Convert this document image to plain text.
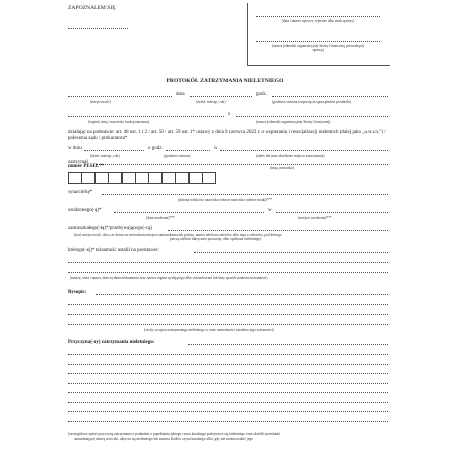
ZAPOZNAŁEM SIĘ
(data i numer wpisu w rejestrze albo znak sprawy)
(nazwa jednostki organizacyjnej Straży Granicznej prowadzącej sprawę)
PROTOKÓŁ ZATRZYMANIA NIELETNIEGO
dnia	godz.
(miejscowość)	(dzień, miesiąc, rok)	(godzina i minuta rozpoczęcia sporządzenia protokołu)
z
(stopień, imię i nazwisko funkcjonariusza)	(nazwa jednostki organizacyjnej Straży Granicznej)
działając na podstawie: art. 48 ust. 1 i 2 / art. 50 / art. 59 ust. 1* ustawy z dnia 9 czerwca 2022 r. o wspieraniu i resocjalizacji nieletnich (dalej jako „u.w.r.n.”) / polecenia sądu / prokuratora*
w dniu	o godz.	w
(dzień, miesiąc, rok)	(godzina i minuta)	(adres lub inne określenie miejsca zatrzymania)
zatrzymał
(imię, nazwisko)
numer PESEL**
syna/córkę*
(imiona rodziców, nazwisko rodowe nazwisko rodowe matki)***
urodzonego(-ą)*	w
(data urodzenia)***	(miejsce urodzenia)***
zamieszkałego(-łą)*/przebywającego(-cą)
(kod, miejscowość, ulica, nr domu, nr mieszkania miejsca zamieszkania lub pobytu, numer telefonu rodziców albo tego z rodziców, pod którego
pieczą nieletni faktycznie pozostaje, albo opiekuna nieletniego)
którego(-ej)* tożsamość ustalił na podstawie:
(nazwa, seria i numer, data wydania dokumentu oraz nazwa organu wydającego albo oświadczenie lub inny sposób ustalenia tożsamości)
Rysopis:
(cechy rysopisu zatrzymanego nieletniego w razie niemożności ustalenia jego tożsamości)
Przyczyna(-ny) zatrzymania nieletniego:
(szczegółowe opisać przyczynę zatrzymania z podaniem o popełnianiu jakiego czynu karalnego podejrzewa się nieletniego oraz określić przesłanki
uzasadniającej obawę ucieczki, ukrycia się nieletniego lub zatarcia śladów czynu karalnego albo, gdy nie można ustalić jego
